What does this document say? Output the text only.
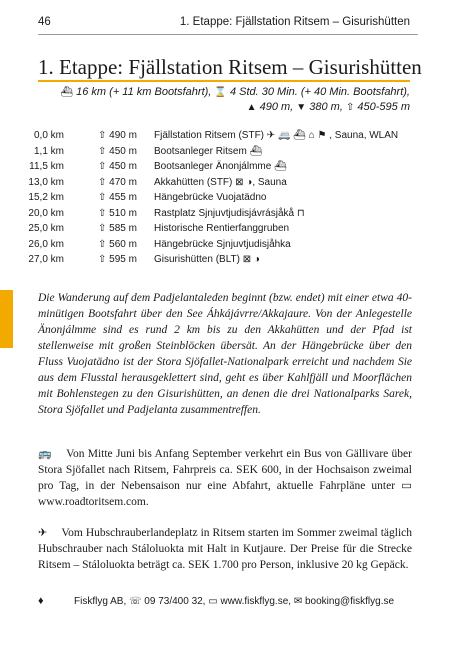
46	1. Etappe: Fjällstation Ritsem – Gisurishütten
1. Etappe: Fjällstation Ritsem – Gisurishütten
⛴ 16 km (+ 11 km Bootsfahrt), ⌛ 4 Std. 30 Min. (+ 40 Min. Bootsfahrt),
▲ 490 m, ▼ 380 m, ⇧ 450-595 m
0,0 km	⇧ 490 m Fjällstation Ritsem (STF) ✈ 🚐 ⛴ ⌂ ⚑ , Sauna, WLAN
1,1 km	⇧ 450 m Bootsanleger Ritsem ⛴
11,5 km	⇧ 450 m Bootsanleger Änonjálmme ⛴
13,0 km	⇧ 470 m Akkahütten (STF) ⊠ ◑, Sauna
15,2 km	⇧ 455 m Hängebrücke Vuojatädno
20,0 km	⇧ 510 m Rastplatz Sjnjuvtjudisjávrásjåkå ⊓
25,0 km	⇧ 585 m Historische Rentierfanggruben
26,0 km	⇧ 560 m Hängebrücke Sjnjuvtjudisjåhka
27,0 km	⇧ 595 m Gisurishütten (BLT) ⊠ ◑
Die Wanderung auf dem Padjelantaleden beginnt (bzw. endet) mit einer etwa 40-minütigen Bootsfahrt über den See Áhkájávrre/Akkajaure. Von der Anlegestelle Änonjálmme sind es rund 2 km bis zu den Akkahütten und der Pfad ist stellenweise mit großen Steinblöcken übersät. An der Hängebrücke über den Fluss Vuojatädno ist der Stora Sjöfallet-Nationalpark erreicht und nachdem Sie aus dem Flusstal herausgeklettert sind, geht es über Kahlfjäll und Moorflächen mit Bohlenstegen zu den Gisurishütten, an denen die drei Nationalparks Sarek, Stora Sjöfallet und Padjelanta zusammentreffen.
🚌 Von Mitte Juni bis Anfang September verkehrt ein Bus von Gällivare über Stora Sjöfallet nach Ritsem, Fahrpreis ca. SEK 600, in der Hochsaison zweimal pro Tag, in der Nebensaison nur eine Abfahrt, aktuelle Fahrpläne unter ▭ www.roadtoritsem.com.
✈ Vom Hubschrauberlandeplatz in Ritsem starten im Sommer zweimal täglich Hubschrauber nach Stáloluokta mit Halt in Kutjaure. Der Preise für die Strecke Ritsem – Stáloluokta beträgt ca. SEK 1.700 pro Person, inklusive 20 kg Gepäck.
♦	Fiskflyg AB, ☏ 09 73/400 32, ▭ www.fiskflyg.se, ✉ booking@fiskflyg.se
